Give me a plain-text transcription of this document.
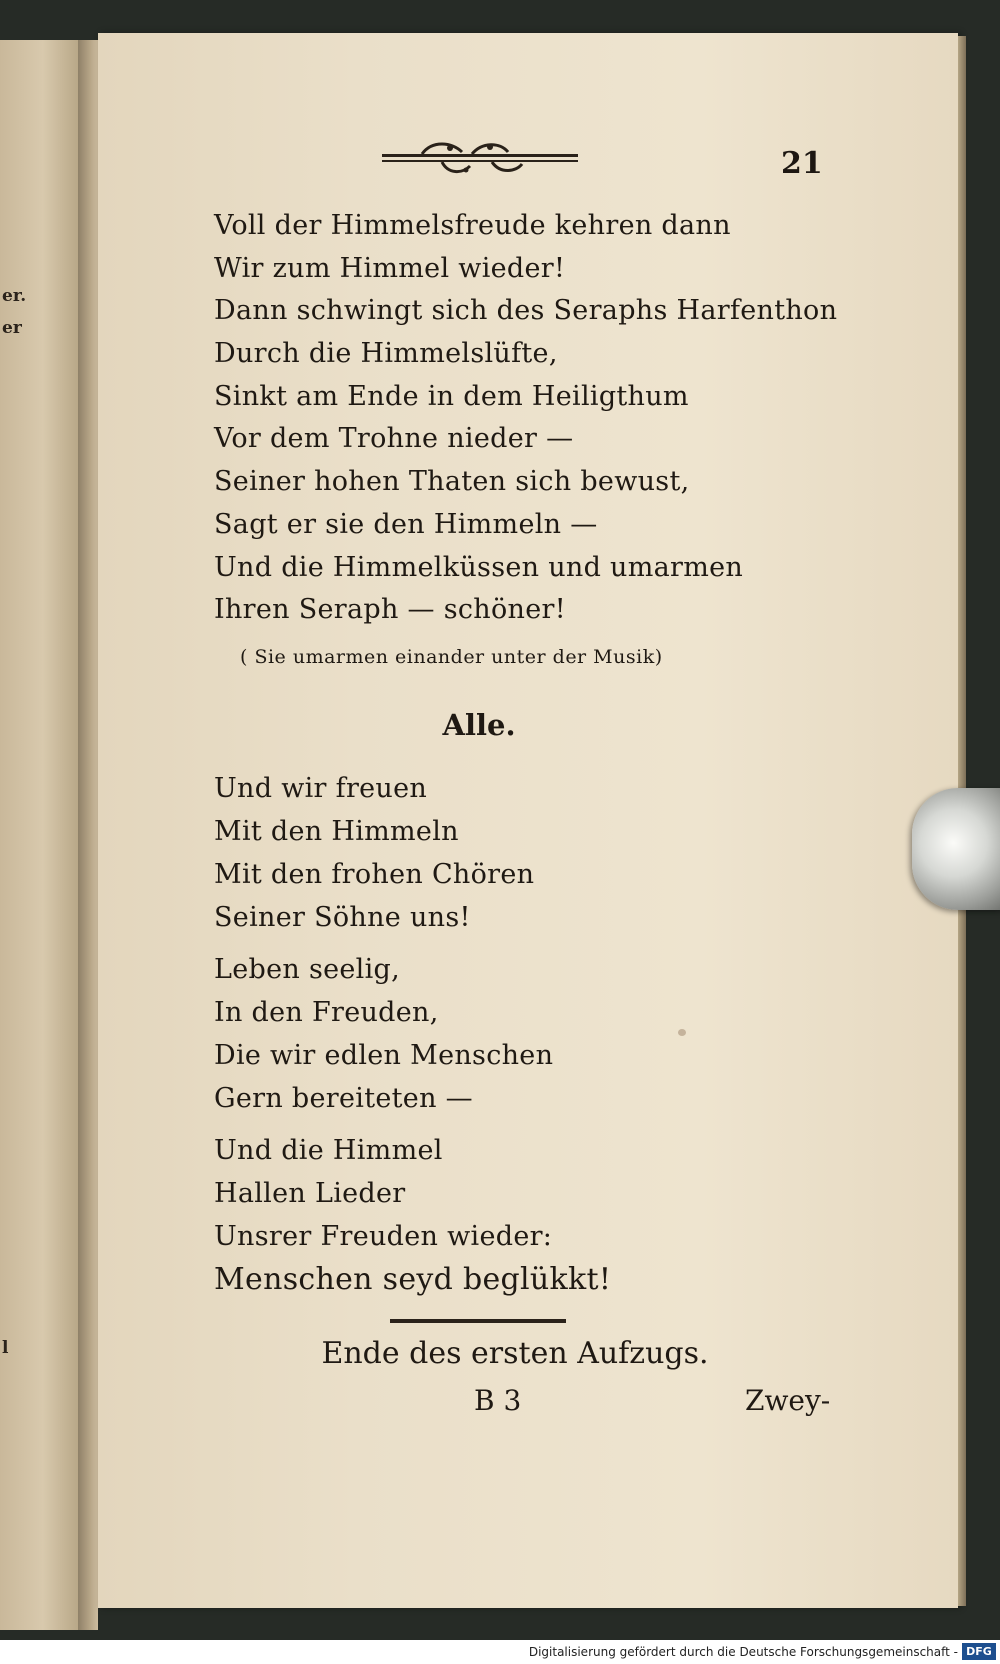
er.
er
l
21
Voll der Himmelsfreude kehren dann
Wir zum Himmel wieder!
Dann schwingt sich des Seraphs Harfenthon
Durch die Himmelslüfte,
Sinkt am Ende in dem Heiligthum
Vor dem Trohne nieder —
Seiner hohen Thaten sich bewust,
Sagt er sie den Himmeln —
Und die Himmelküssen und umarmen
Ihren Seraph — schöner!
( Sie umarmen einander unter der Musik)
Alle.
Und wir freuen
Mit den Himmeln
Mit den frohen Chören
Seiner Söhne uns!
Leben seelig,
In den Freuden,
Die wir edlen Menschen
Gern bereiteten —
Und die Himmel
Hallen Lieder
Unsrer Freuden wieder:
Menschen seyd beglükkt!
Ende des ersten Aufzugs.
B 3	Zwey-
Digitalisierung gefördert durch die Deutsche Forschungsgemeinschaft - DFG
